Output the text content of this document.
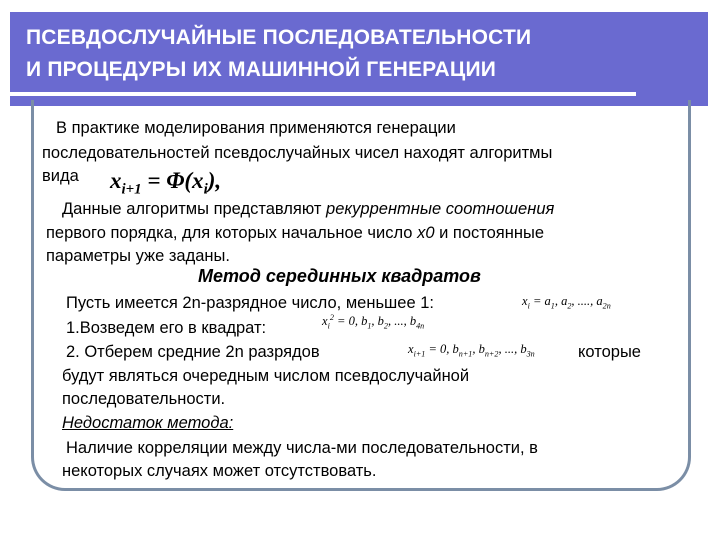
ПСЕВДОСЛУЧАЙНЫЕ ПОСЛЕДОВАТЕЛЬНОСТИ
И ПРОЦЕДУРЫ ИХ МАШИННОЙ ГЕНЕРАЦИИ
В практике моделирования применяются генерации
последовательностей псевдослучайных чисел находят алгоритмы
вида $x_{i+1} = \Phi(x_i)$,
Данные алгоритмы представляют рекуррентные соотношения
первого порядка, для которых начальное число x0 и постоянные
параметры уже заданы.
Метод серединных квадратов
Пусть имеется 2n-разрядное число, меньшее 1:	$x_i = a_1$, $a_2$, ...., $a_{2n}$
1.Возведем его в квадрат:	$x_i^2 = 0$, $b_1$, $b_2$, ..., $b_{4n}$
2. Отберем средние 2n разрядов	$x_{i+1} = 0$, $b_{n+1}$, $b_{n+2}$, ..., $b_{3n}$	которые
будут являться очередным числом псевдослучайной
последовательности.
Недостаток метода:
Наличие корреляции между числа-ми последовательности, в
некоторых случаях может отсутствовать.
